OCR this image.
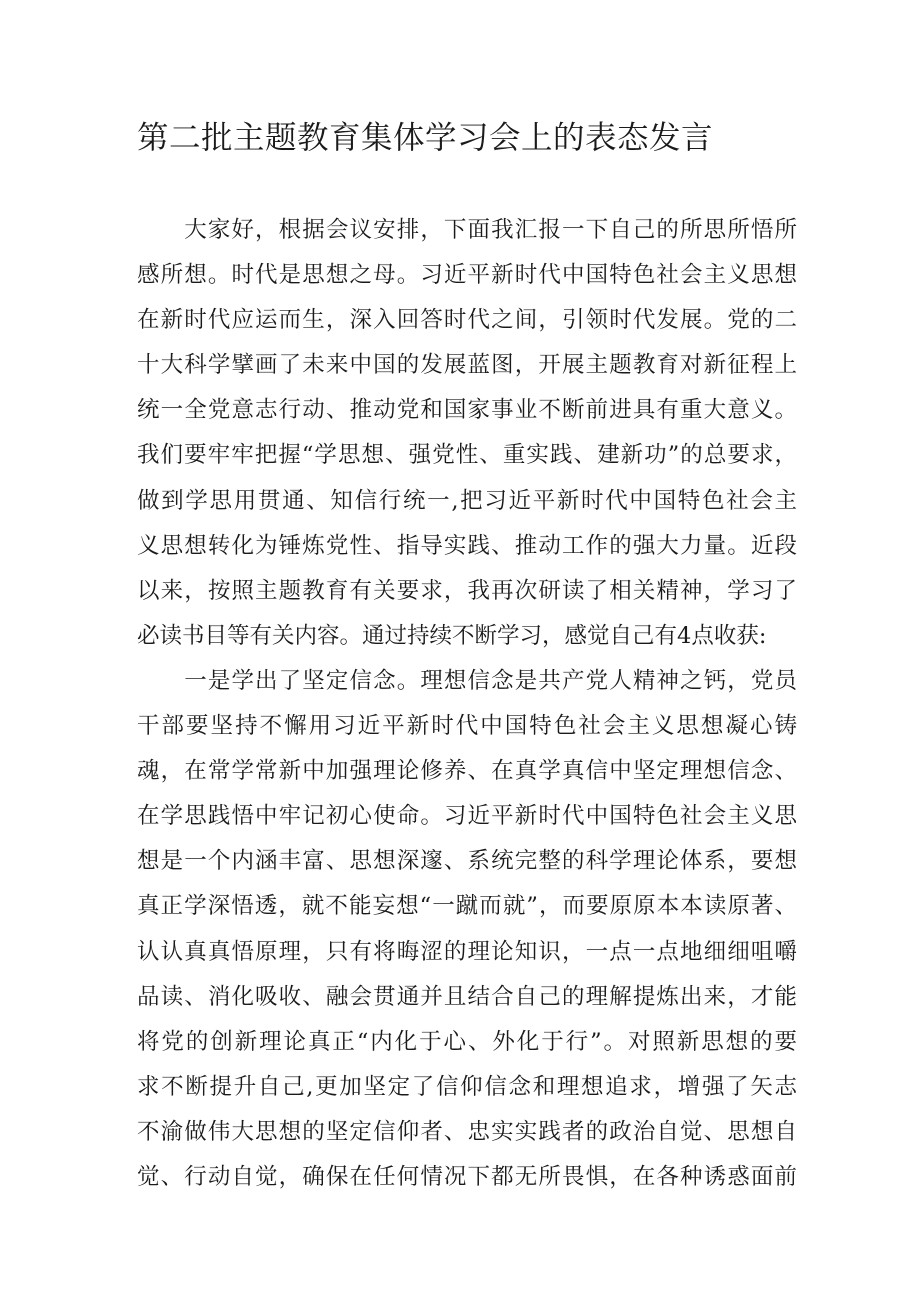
第二批主题教育集体学习会上的表态发言
　　大家好，根据会议安排，下面我汇报一下自己的所思所悟所
感所想。时代是思想之母。习近平新时代中国特色社会主义思想
在新时代应运而生，深入回答时代之间，引领时代发展。党的二
十大科学擘画了未来中国的发展蓝图，开展主题教育对新征程上
统一全党意志行动、推动党和国家事业不断前进具有重大意义。
我们要牢牢把握“学思想、强党性、重实践、建新功”的总要求，
做到学思用贯通、知信行统一,把习近平新时代中国特色社会主
义思想转化为锤炼党性、指导实践、推动工作的强大力量。近段
以来，按照主题教育有关要求，我再次研读了相关精神，学习了
必读书目等有关内容。通过持续不断学习，感觉自己有4点收获:
　　一是学出了坚定信念。理想信念是共产党人精神之钙，党员
干部要坚持不懈用习近平新时代中国特色社会主义思想凝心铸
魂，在常学常新中加强理论修养、在真学真信中坚定理想信念、
在学思践悟中牢记初心使命。习近平新时代中国特色社会主义思
想是一个内涵丰富、思想深邃、系统完整的科学理论体系，要想
真正学深悟透，就不能妄想“一蹴而就”，而要原原本本读原著、
认认真真悟原理，只有将晦涩的理论知识，一点一点地细细咀嚼
品读、消化吸收、融会贯通并且结合自己的理解提炼出来，才能
将党的创新理论真正“内化于心、外化于行”。对照新思想的要
求不断提升自己,更加坚定了信仰信念和理想追求，增强了矢志
不渝做伟大思想的坚定信仰者、忠实实践者的政治自觉、思想自
觉、行动自觉，确保在任何情况下都无所畏惧，在各种诱惑面前
